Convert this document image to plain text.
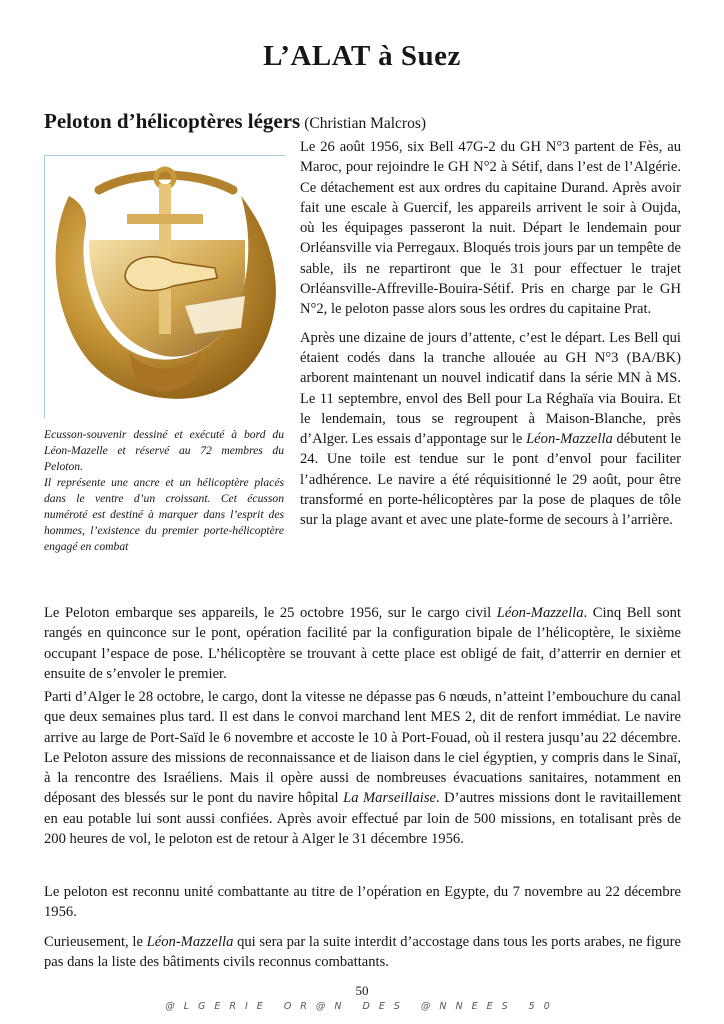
L’ALAT à Suez
Peloton d’hélicoptères légers (Christian Malcros)

Ecusson-souvenir dessiné et exécuté à bord du Léon-Mazelle et réservé au 72 membres du Peloton.

Il représente une ancre et un hélicoptère placés dans le ventre d’un croissant. Cet écusson numéroté est destiné à marquer dans l’esprit des hommes, l’existence du premier porte-hélicoptère engagé en combat

Le 26 août 1956, six Bell 47G-2 du GH N°3 partent de Fès, au Maroc, pour rejoindre le GH N°2 à Sétif, dans l’est de l’Algérie. Ce détachement est aux ordres du capitaine Durand. Après avoir fait une escale à Guercif, les appareils arrivent le soir à Oujda, où les équipages passeront la nuit. Départ le lendemain pour Orléansville via Perregaux. Bloqués trois jours par un tempête de sable, ils ne repartiront que le 31 pour effectuer le trajet Orléansville-Affreville-Bouira-Sétif. Pris en charge par le GH N°2, le peloton passe alors sous les ordres du capitaine Prat.

Après une dizaine de jours d’attente, c’est le départ. Les Bell qui étaient codés dans la tranche allouée au GH N°3 (BA/BK) arborent maintenant un nouvel indicatif dans la série MN à MS. Le 11 septembre, envol des Bell pour La Réghaïa via Bouira. Et le lendemain, tous se regroupent à Maison-Blanche, près d’Alger. Les essais d’appontage sur le Léon-Mazzella débutent le 24. Une toile est tendue sur le pont d’envol pour faciliter l’adhérence. Le navire a été réquisitionné le 29 août, pour être transformé en porte-hélicoptères par la pose de plaques de tôle sur la plage avant et avec une plate-forme de secours à l’arrière.

Le Peloton embarque ses appareils, le 25 octobre 1956, sur le cargo civil Léon-Mazzella. Cinq Bell sont rangés en quinconce sur le pont, opération facilité par la configuration bipale de l’hélicoptère, le sixième occupant l’espace de pose. L’hélicoptère se trouvant à cette place est obligé de fait, d’atterrir en dernier et ensuite de s’envoler le premier.

Parti d’Alger le 28 octobre, le cargo, dont la vitesse ne dépasse pas 6 nœuds, n’atteint l’embouchure du canal que deux semaines plus tard. Il est dans le convoi marchand lent MES 2, dit de renfort immédiat. Le navire arrive au large de Port-Saïd le 6 novembre et accoste le 10 à Port-Fouad, où il restera jusqu’au 22 décembre. Le Peloton assure des missions de reconnaissance et de liaison dans le ciel égyptien, y compris dans le Sinaï, à la rencontre des Israéliens. Mais il opère aussi de nombreuses évacuations sanitaires, notamment en déposant des blessés sur le pont du navire hôpital La Marseillaise. D’autres missions dont le ravitaillement en eau potable lui sont aussi confiées. Après avoir effectué par loin de 500 missions, en totalisant près de 200 heures de vol, le peloton est de retour à Alger le 31 décembre 1956.

Le peloton est reconnu unité combattante au titre de l’opération en Egypte, du 7 novembre au 22 décembre 1956.

Curieusement, le Léon-Mazzella qui sera par la suite interdit d’accostage dans tous les ports arabes, ne figure pas dans la liste des bâtiments civils reconnus combattants.

50

@LGERIE OR@N DES @NNEES 50
